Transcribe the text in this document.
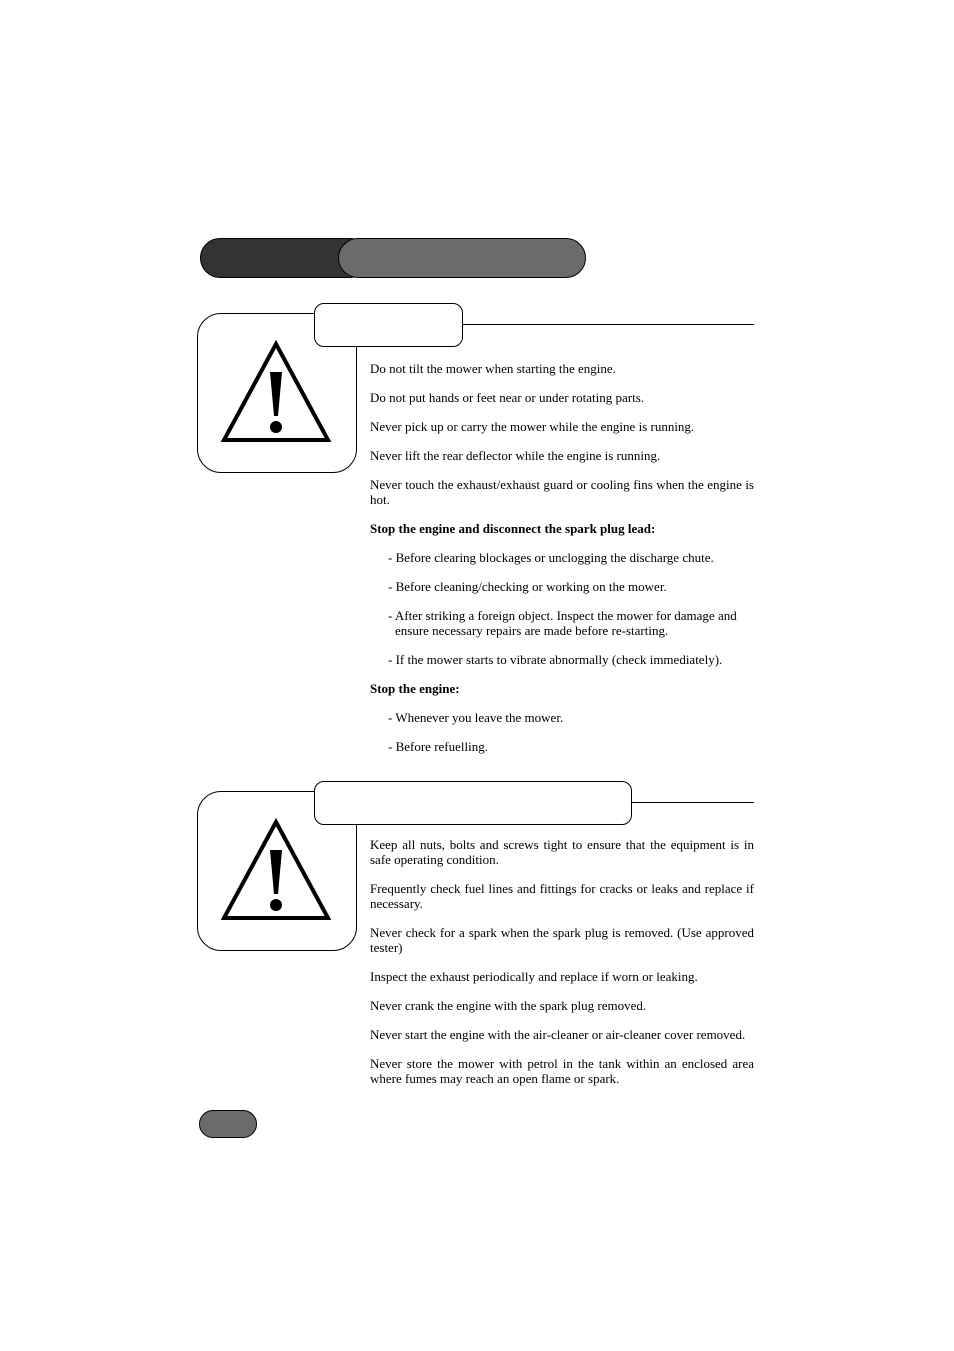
Do not tilt the mower when starting the engine.

Do not put hands or feet near or under rotating parts.

Never pick up or carry the mower while the engine is running.

Never lift the rear deflector while the engine is running.

Never touch the exhaust/exhaust guard or cooling fins when the engine is hot.

Stop the engine and disconnect the spark plug lead:

- Before clearing blockages or unclogging the discharge chute.

- Before cleaning/checking or working on the mower.

- After striking a foreign object. Inspect the mower for damage and ensure necessary repairs are made before re-starting.

- If the mower starts to vibrate abnormally (check immediately).

Stop the engine:

- Whenever you leave the mower.

- Before refuelling.

Keep all nuts, bolts and screws tight to ensure that the equipment is in safe operating condition.

Frequently check fuel lines and fittings for cracks or leaks and replace if necessary.

Never check for a spark when the spark plug is removed. (Use approved tester)

Inspect the exhaust periodically and replace if worn or leaking.

Never crank the engine with the spark plug removed.

Never start the engine with the air-cleaner or air-cleaner cover removed.

Never store the mower with petrol in the tank within an enclosed area where fumes may reach an open flame or spark.
